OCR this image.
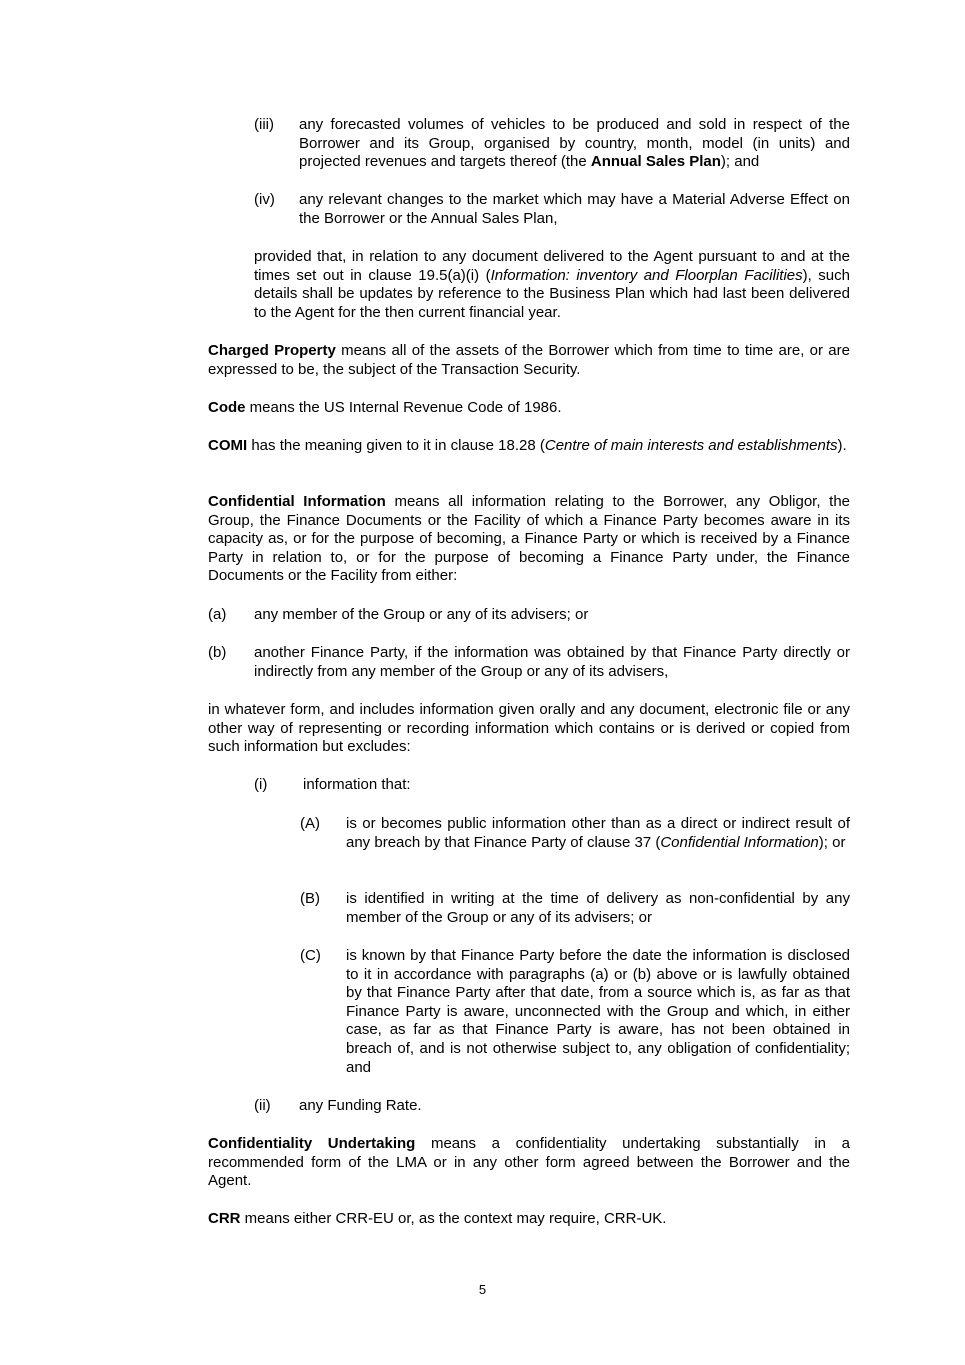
(iii) any forecasted volumes of vehicles to be produced and sold in respect of the Borrower and its Group, organised by country, month, model (in units) and projected revenues and targets thereof (the Annual Sales Plan); and
(iv) any relevant changes to the market which may have a Material Adverse Effect on the Borrower or the Annual Sales Plan,
provided that, in relation to any document delivered to the Agent pursuant to and at the times set out in clause 19.5(a)(i) (Information: inventory and Floorplan Facilities), such details shall be updates by reference to the Business Plan which had last been delivered to the Agent for the then current financial year.
Charged Property means all of the assets of the Borrower which from time to time are, or are expressed to be, the subject of the Transaction Security.
Code means the US Internal Revenue Code of 1986.
COMI has the meaning given to it in clause 18.28 (Centre of main interests and establishments).
Confidential Information means all information relating to the Borrower, any Obligor, the Group, the Finance Documents or the Facility of which a Finance Party becomes aware in its capacity as, or for the purpose of becoming, a Finance Party or which is received by a Finance Party in relation to, or for the purpose of becoming a Finance Party under, the Finance Documents or the Facility from either:
(a) any member of the Group or any of its advisers; or
(b) another Finance Party, if the information was obtained by that Finance Party directly or indirectly from any member of the Group or any of its advisers,
in whatever form, and includes information given orally and any document, electronic file or any other way of representing or recording information which contains or is derived or copied from such information but excludes:
(i) information that:
(A) is or becomes public information other than as a direct or indirect result of any breach by that Finance Party of clause 37 (Confidential Information); or
(B) is identified in writing at the time of delivery as non-confidential by any member of the Group or any of its advisers; or
(C) is known by that Finance Party before the date the information is disclosed to it in accordance with paragraphs (a) or (b) above or is lawfully obtained by that Finance Party after that date, from a source which is, as far as that Finance Party is aware, unconnected with the Group and which, in either case, as far as that Finance Party is aware, has not been obtained in breach of, and is not otherwise subject to, any obligation of confidentiality; and
(ii) any Funding Rate.
Confidentiality Undertaking means a confidentiality undertaking substantially in a recommended form of the LMA or in any other form agreed between the Borrower and the Agent.
CRR means either CRR-EU or, as the context may require, CRR-UK.
5
